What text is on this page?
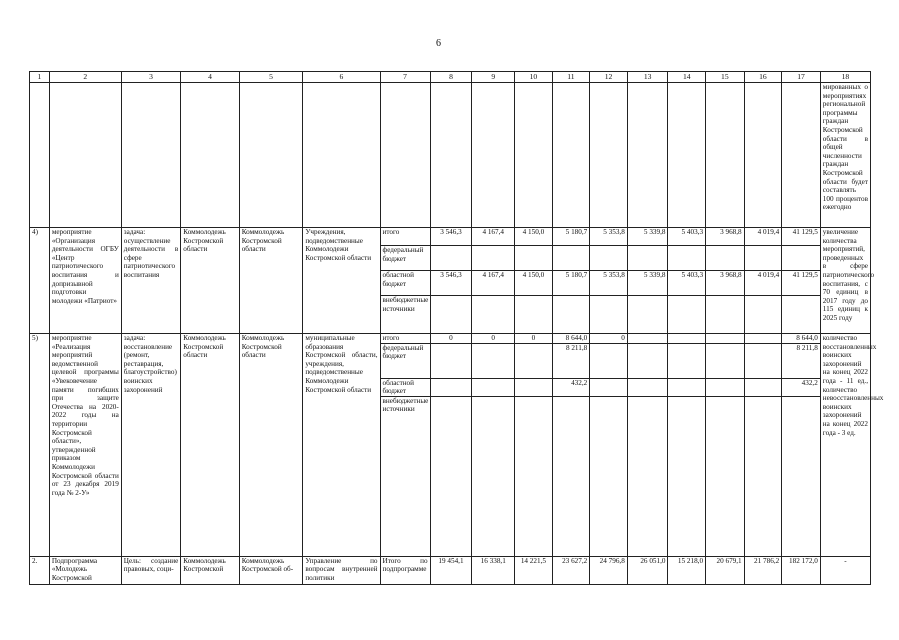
6
1	2	3	4	5	6	7	8	9	10	11	12	13	14	15	16	17	18
																	мированных о мероприятиях региональной программы граждан Костромской области в общей численности граждан Костромской области будет составлять 100 процентов ежегодно
4)	мероприятие «Организация деятельности ОГБУ «Центр патриотического воспитания и допризывной подготовки молодежи «Патриот»	задача: осуществление деятельности в сфере патриотического воспитания	Коммолодежь Костромской области	Коммолодежь Костромской области	Учреждения, подведомственные Коммолодежи Костромской области	итого	3 546,3	4 167,4	4 150,0	5 180,7	5 353,8	5 339,8	5 403,3	3 968,8	4 019,4	41 129,5	увеличение количества мероприятий, проведенных в сфере патриотического воспитания, с 70 единиц в 2017 году до 115 единиц к 2025 году
						федеральный бюджет											
						областной бюджет	3 546,3	4 167,4	4 150,0	5 180,7	5 353,8	5 339,8	5 403,3	3 968,8	4 019,4	41 129,5	
						внебюджетные источники											
5)	мероприятие «Реализация мероприятий ведомственной целевой программы «Увековечение памяти погибших при защите Отечества на 2020-2022 годы на территории Костромской области», утвержденной приказом Коммолодежи Костромской области от 23 декабря 2019 года № 2-У»	задача: восстановление (ремонт, реставрация, благоустройство) воинских захоронений	Коммолодежь Костромской области	Коммолодежь Костромской области	муниципальные образования Костромской области, учреждения, подведомственные Коммолодежи Костромской области	итого	0	0	0	8 644,0	0					8 644,0	количество восстановленных воинских захоронений на конец 2022 года - 11 ед., количество невосстановленных воинских захоронений на конец 2022 года - 3 ед.
						федеральный бюджет				8 211,8						8 211,8	
						областной бюджет				432,2						432,2	
						внебюджетные источники											
2.	Подпрограмма «Молодежь Костромской	Цель: создание правовых, соци-	Коммолодежь Костромской	Коммолодежь Костромской об-	Управление по вопросам внутренней политики	Итого по подпрограмме	19 454,1	16 338,1	14 221,5	23 627,2	24 796,8	26 051,0	15 218,0	20 679,1	21 786,2	182 172,0	-
